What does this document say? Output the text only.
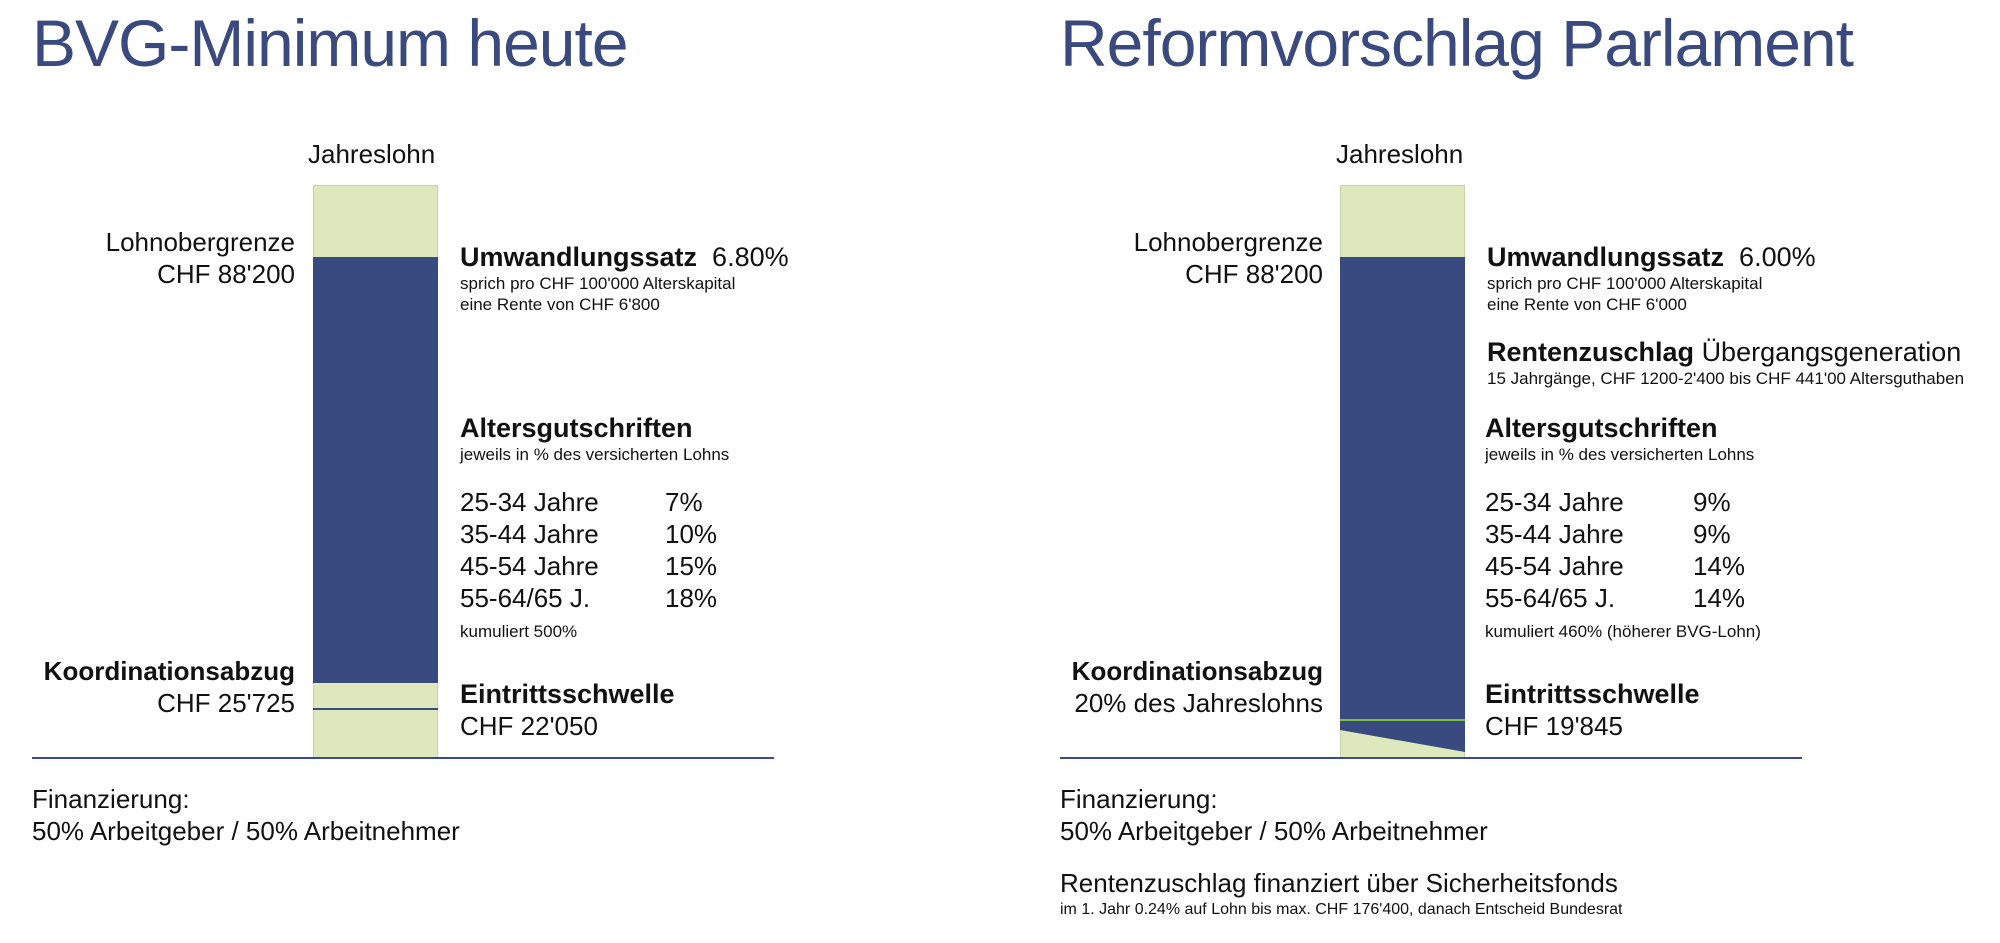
BVG-Minimum heute
Jahreslohn
Lohnobergrenze
CHF 88'200
Koordinationsabzug
CHF 25'725
Umwandlungssatz 6.80%
sprich pro CHF 100'000 Alterskapital
eine Rente von CHF 6'800
Altersgutschriften
jeweils in % des versicherten Lohns
25-34 Jahre	7%
35-44 Jahre	10%
45-54 Jahre	15%
55-64/65 J.	18%
kumuliert 500%
Eintrittsschwelle
CHF 22'050
Finanzierung:
50% Arbeitgeber / 50% Arbeitnehmer
Reformvorschlag Parlament
Jahreslohn
Lohnobergrenze
CHF 88'200
Koordinationsabzug
20% des Jahreslohns
Umwandlungssatz 6.00%
sprich pro CHF 100'000 Alterskapital
eine Rente von CHF 6'000
Rentenzuschlag Übergangsgeneration
15 Jahrgänge, CHF 1200-2'400 bis CHF 441'00 Altersguthaben
Altersgutschriften
jeweils in % des versicherten Lohns
25-34 Jahre	9%
35-44 Jahre	9%
45-54 Jahre	14%
55-64/65 J.	14%
kumuliert 460% (höherer BVG-Lohn)
Eintrittsschwelle
CHF 19'845
Finanzierung:
50% Arbeitgeber / 50% Arbeitnehmer
Rentenzuschlag finanziert über Sicherheitsfonds
im 1. Jahr 0.24% auf Lohn bis max. CHF 176'400, danach Entscheid Bundesrat
